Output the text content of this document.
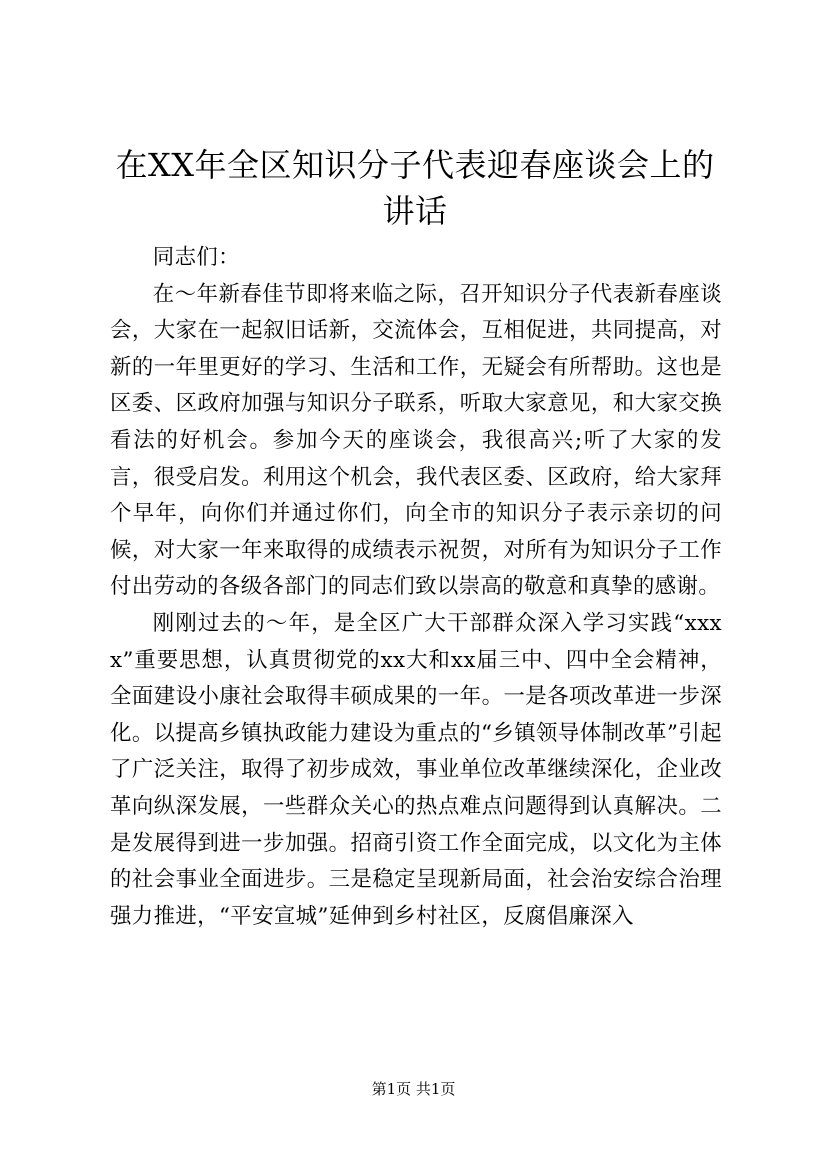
在XX年全区知识分子代表迎春座谈会上的讲话

同志们：

在～年新春佳节即将来临之际，召开知识分子代表新春座谈会，大家在一起叙旧话新，交流体会，互相促进，共同提高，对新的一年里更好的学习、生活和工作，无疑会有所帮助。这也是区委、区政府加强与知识分子联系，听取大家意见，和大家交换看法的好机会。参加今天的座谈会，我很高兴;听了大家的发言，很受启发。利用这个机会，我代表区委、区政府，给大家拜个早年，向你们并通过你们，向全市的知识分子表示亲切的问候，对大家一年来取得的成绩表示祝贺，对所有为知识分子工作付出劳动的各级各部门的同志们致以崇高的敬意和真挚的感谢。

刚刚过去的～年，是全区广大干部群众深入学习实践“xxxx”重要思想，认真贯彻党的xx大和xx届三中、四中全会精神，全面建设小康社会取得丰硕成果的一年。一是各项改革进一步深化。以提高乡镇执政能力建设为重点的“乡镇领导体制改革”引起了广泛关注，取得了初步成效，事业单位改革继续深化，企业改革向纵深发展，一些群众关心的热点难点问题得到认真解决。二是发展得到进一步加强。招商引资工作全面完成，以文化为主体的社会事业全面进步。三是稳定呈现新局面，社会治安综合治理强力推进，“平安宣城”延伸到乡村社区，反腐倡廉深入

第1页 共1页
